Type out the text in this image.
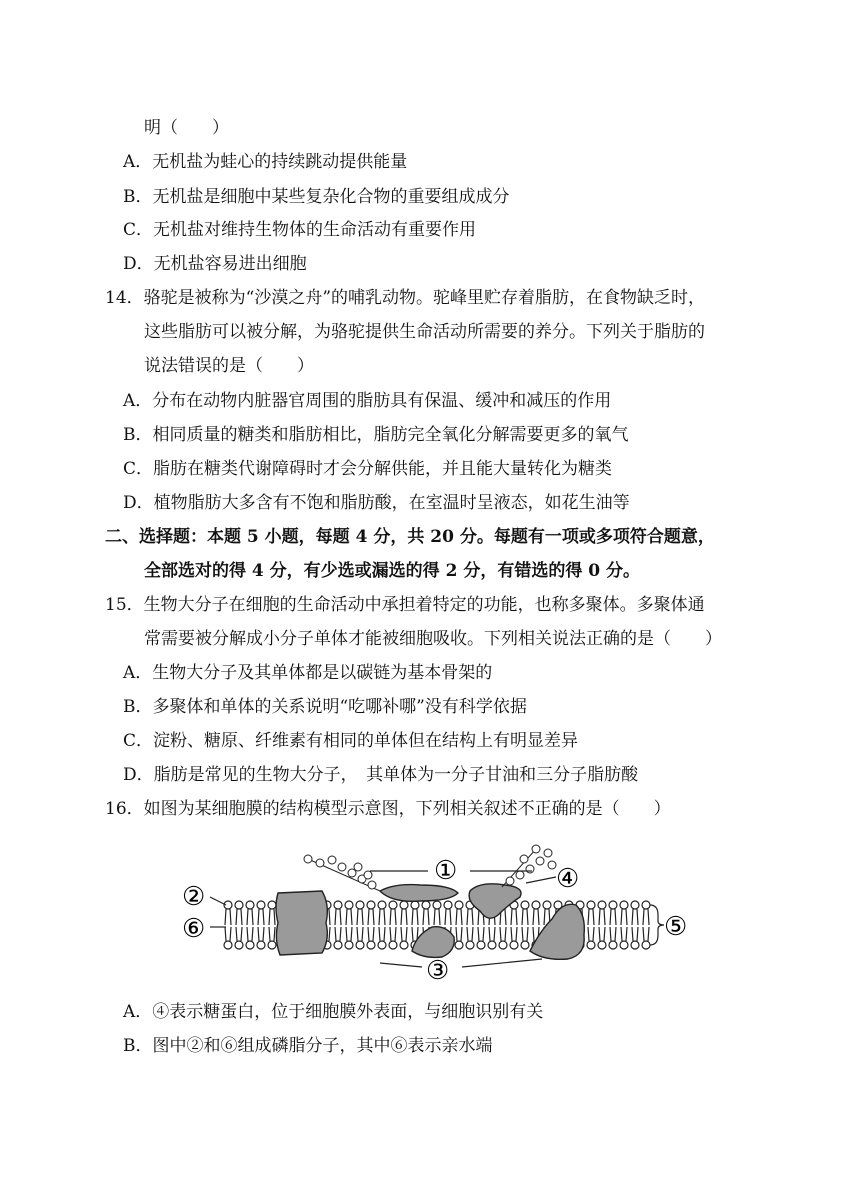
明（　　）
A．无机盐为蛙心的持续跳动提供能量
B．无机盐是细胞中某些复杂化合物的重要组成成分
C．无机盐对维持生物体的生命活动有重要作用
D．无机盐容易进出细胞
14．骆驼是被称为“沙漠之舟”的哺乳动物。驼峰里贮存着脂肪，在食物缺乏时，
这些脂肪可以被分解，为骆驼提供生命活动所需要的养分。下列关于脂肪的
说法错误的是（　　）
A．分布在动物内脏器官周围的脂肪具有保温、缓冲和减压的作用
B．相同质量的糖类和脂肪相比，脂肪完全氧化分解需要更多的氧气
C．脂肪在糖类代谢障碍时才会分解供能，并且能大量转化为糖类
D．植物脂肪大多含有不饱和脂肪酸，在室温时呈液态，如花生油等
二、选择题：本题 5 小题，每题 4 分，共 20 分。每题有一项或多项符合题意，
全部选对的得 4 分，有少选或漏选的得 2 分，有错选的得 0 分。
15．生物大分子在细胞的生命活动中承担着特定的功能，也称多聚体。多聚体通
常需要被分解成小分子单体才能被细胞吸收。下列相关说法正确的是（　　）
A．生物大分子及其单体都是以碳链为基本骨架的
B．多聚体和单体的关系说明“吃哪补哪”没有科学依据
C．淀粉、糖原、纤维素有相同的单体但在结构上有明显差异
D．脂肪是常见的生物大分子，　其单体为一分子甘油和三分子脂肪酸
16．如图为某细胞膜的结构模型示意图，下列相关叙述不正确的是（　　）
①
②
③
④
⑤
⑥
A．④表示糖蛋白，位于细胞膜外表面，与细胞识别有关
B．图中②和⑥组成磷脂分子，其中⑥表示亲水端
